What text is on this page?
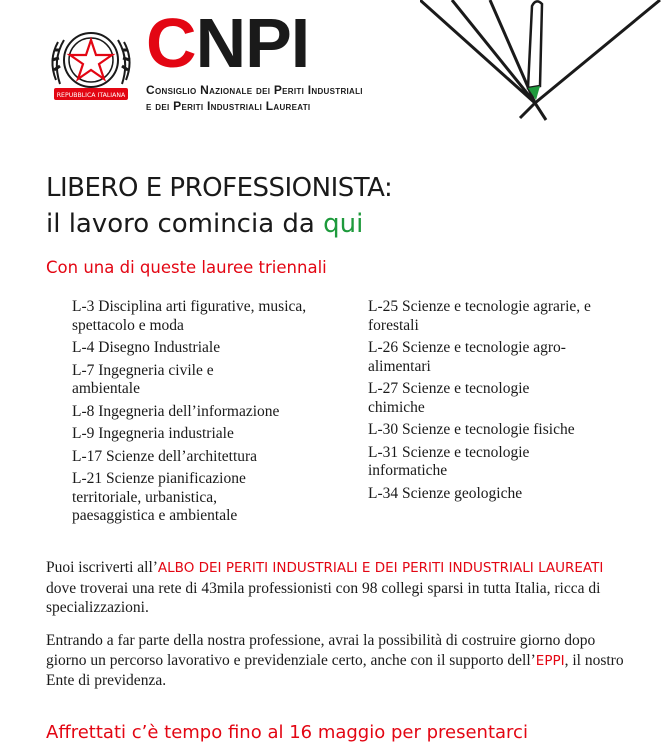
REPUBBLICA ITALIANA
CNPI
Consiglio Nazionale dei Periti Industriali
e dei Periti Industriali Laureati
LIBERO E PROFESSIONISTA:
il lavoro comincia da qui
Con una di queste lauree triennali
L-3 Disciplina arti figurative, musica, spettacolo e moda
L-4 Disegno Industriale
L-7 Ingegneria civile e ambientale
L-8 Ingegneria dell’informazione
L-9 Ingegneria industriale
L-17 Scienze dell’architettura
L-21 Scienze pianificazione territoriale, urbanistica, paesaggistica e ambientale
L-25 Scienze e tecnologie agrarie, e forestali
L-26 Scienze e tecnologie agro-alimentari
L-27 Scienze e tecnologie chimiche
L-30 Scienze e tecnologie fisiche
L-31 Scienze e tecnologie informatiche
L-34 Scienze geologiche
Puoi iscriverti all’ALBO DEI PERITI INDUSTRIALI E DEI PERITI INDUSTRIALI LAUREATI dove troverai una rete di 43mila professionisti con 98 collegi sparsi in tutta Italia, ricca di specializzazioni.
Entrando a far parte della nostra professione, avrai la possibilità di costruire giorno dopo giorno un percorso lavorativo e previdenziale certo, anche con il supporto dell’EPPI, il nostro Ente di previdenza.
Affrettati c’è tempo fino al 16 maggio per presentarci
